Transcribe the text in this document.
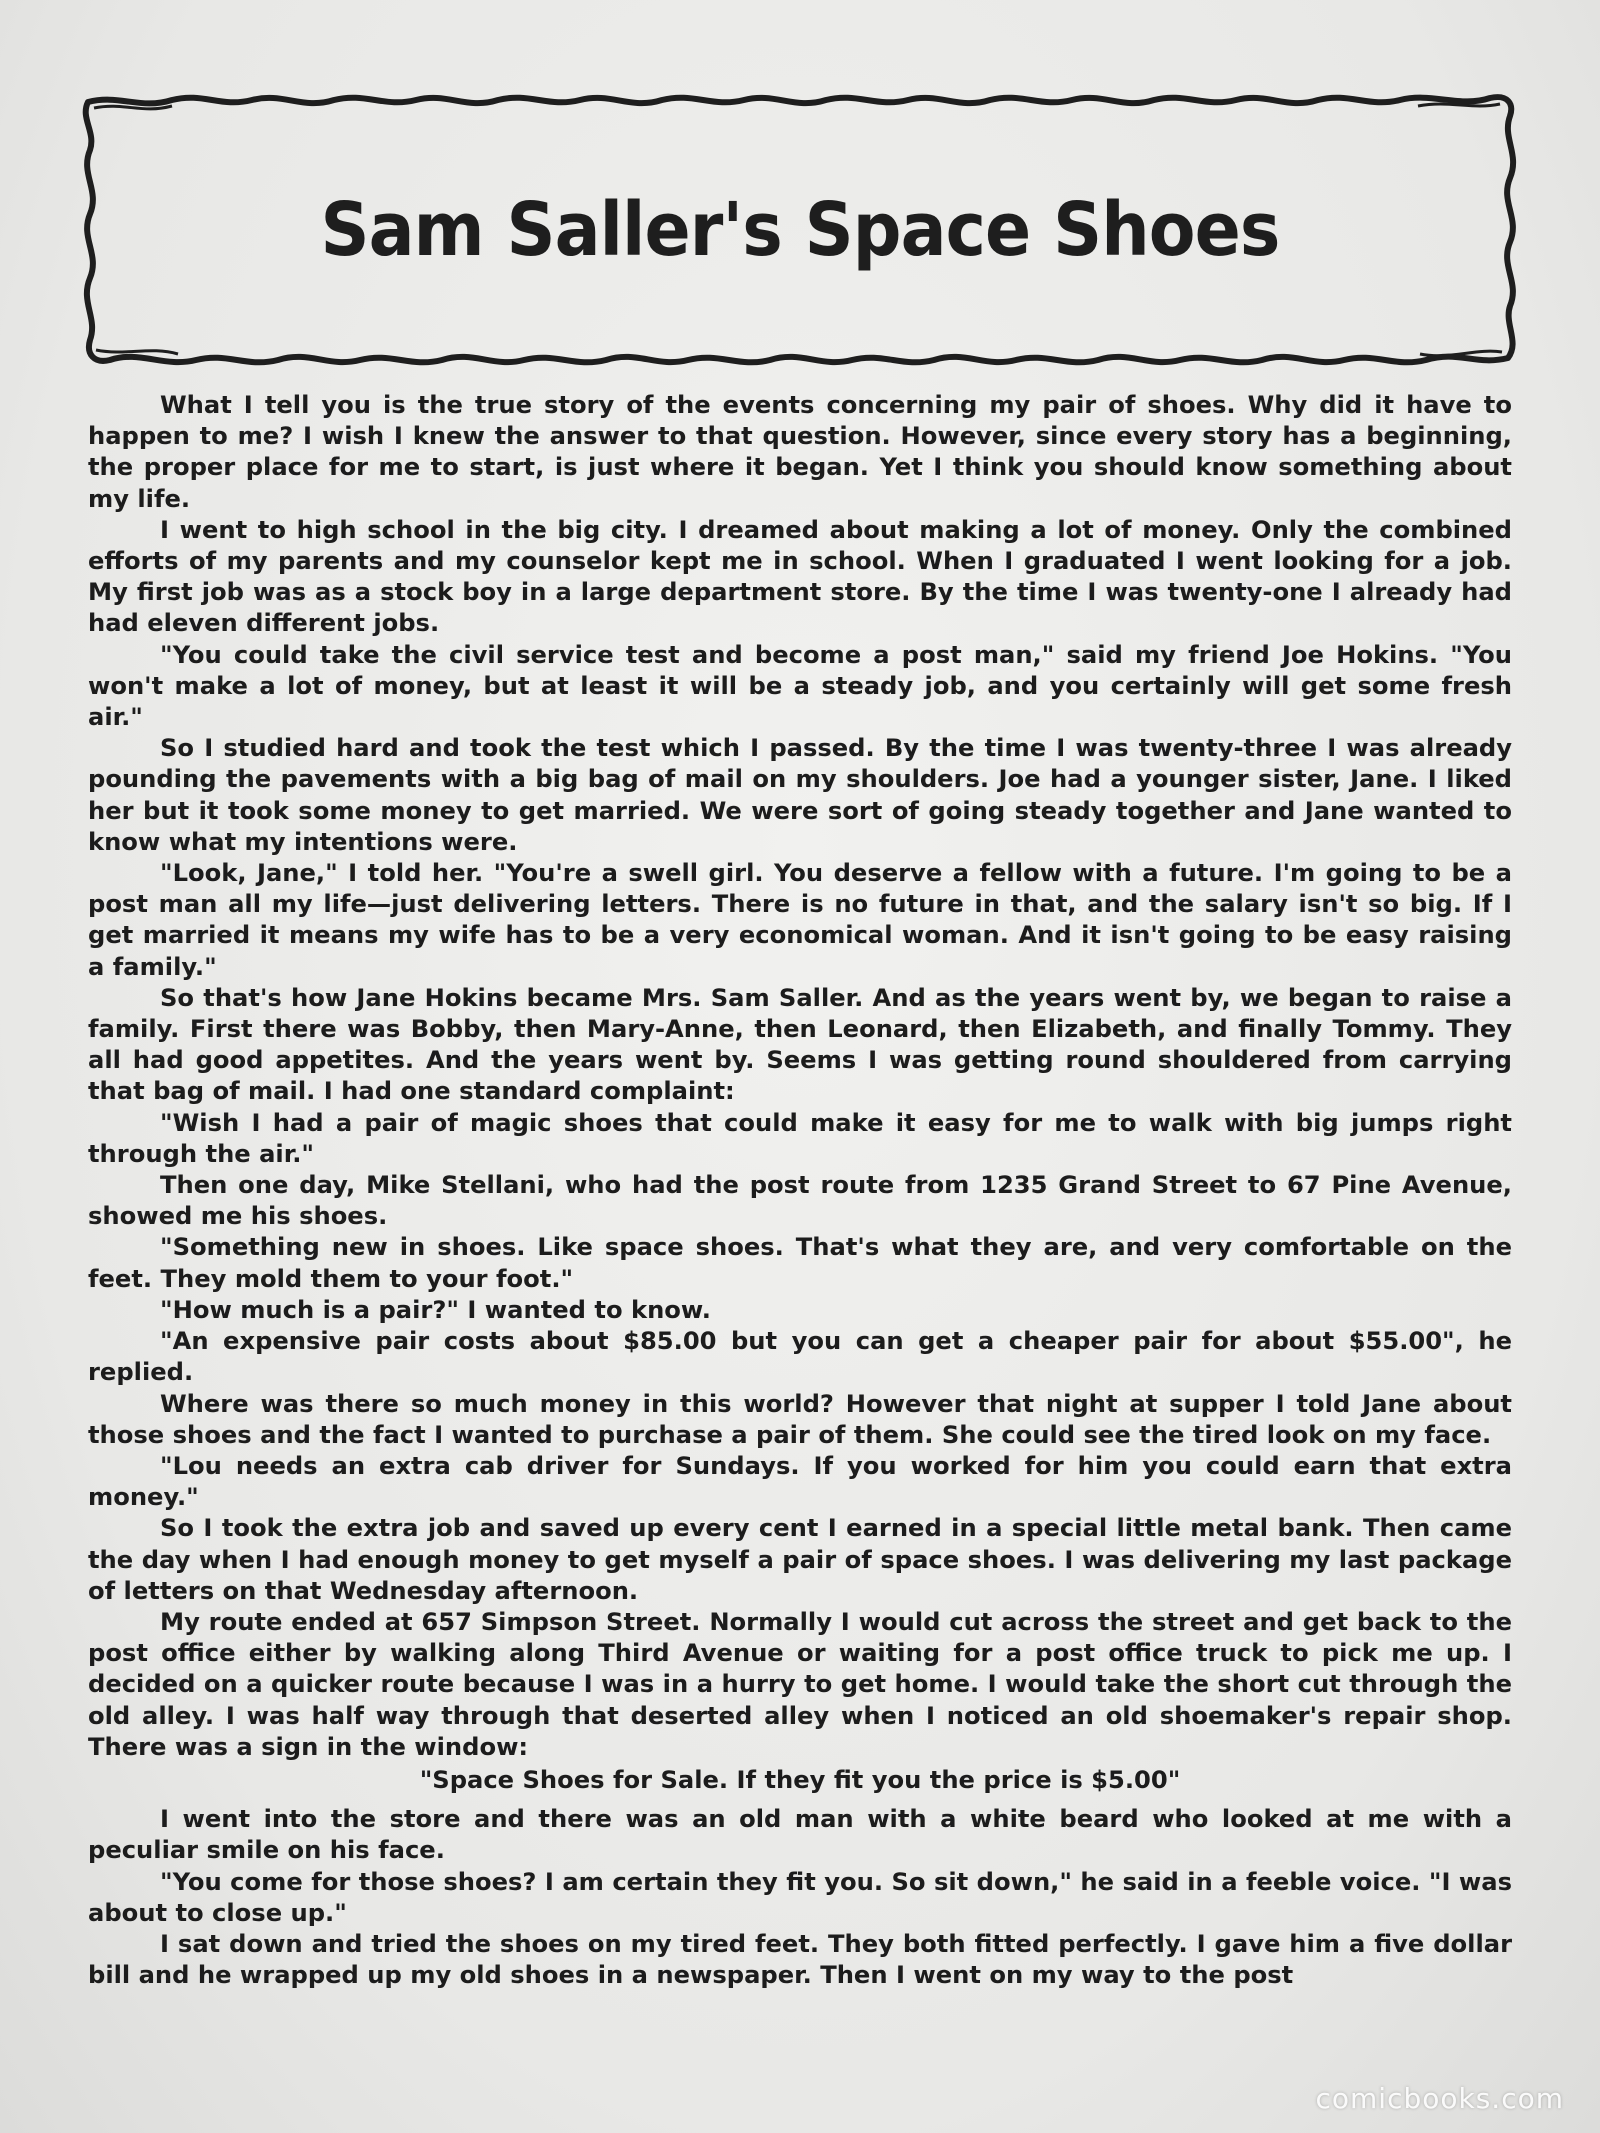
Sam Saller's Space Shoes

What I tell you is the true story of the events concerning my pair of shoes. Why did it have to happen to me? I wish I knew the answer to that question. However, since every story has a beginning, the proper place for me to start, is just where it began. Yet I think you should know something about my life.

I went to high school in the big city. I dreamed about making a lot of money. Only the combined efforts of my parents and my counselor kept me in school. When I graduated I went looking for a job. My first job was as a stock boy in a large department store. By the time I was twenty-one I already had had eleven different jobs.

"You could take the civil service test and become a post man," said my friend Joe Hokins. "You won't make a lot of money, but at least it will be a steady job, and you certainly will get some fresh air."

So I studied hard and took the test which I passed. By the time I was twenty-three I was already pounding the pavements with a big bag of mail on my shoulders. Joe had a younger sister, Jane. I liked her but it took some money to get married. We were sort of going steady together and Jane wanted to know what my intentions were.

"Look, Jane," I told her. "You're a swell girl. You deserve a fellow with a future. I'm going to be a post man all my life—just delivering letters. There is no future in that, and the salary isn't so big. If I get married it means my wife has to be a very economical woman. And it isn't going to be easy raising a family."

So that's how Jane Hokins became Mrs. Sam Saller. And as the years went by, we began to raise a family. First there was Bobby, then Mary-Anne, then Leonard, then Elizabeth, and finally Tommy. They all had good appetites. And the years went by. Seems I was getting round shouldered from carrying that bag of mail. I had one standard complaint:

"Wish I had a pair of magic shoes that could make it easy for me to walk with big jumps right through the air."

Then one day, Mike Stellani, who had the post route from 1235 Grand Street to 67 Pine Avenue, showed me his shoes.

"Something new in shoes. Like space shoes. That's what they are, and very comfortable on the feet. They mold them to your foot."

"How much is a pair?" I wanted to know.

"An expensive pair costs about $85.00 but you can get a cheaper pair for about $55.00", he replied.

Where was there so much money in this world? However that night at supper I told Jane about those shoes and the fact I wanted to purchase a pair of them. She could see the tired look on my face.

"Lou needs an extra cab driver for Sundays. If you worked for him you could earn that extra money."

So I took the extra job and saved up every cent I earned in a special little metal bank. Then came the day when I had enough money to get myself a pair of space shoes. I was delivering my last package of letters on that Wednesday afternoon.

My route ended at 657 Simpson Street. Normally I would cut across the street and get back to the post office either by walking along Third Avenue or waiting for a post office truck to pick me up. I decided on a quicker route because I was in a hurry to get home. I would take the short cut through the old alley. I was half way through that deserted alley when I noticed an old shoemaker's repair shop. There was a sign in the window:

"Space Shoes for Sale. If they fit you the price is $5.00"

I went into the store and there was an old man with a white beard who looked at me with a peculiar smile on his face.

"You come for those shoes? I am certain they fit you. So sit down," he said in a feeble voice. "I was about to close up."

I sat down and tried the shoes on my tired feet. They both fitted perfectly. I gave him a five dollar bill and he wrapped up my old shoes in a newspaper. Then I went on my way to the post

comicbooks.com
